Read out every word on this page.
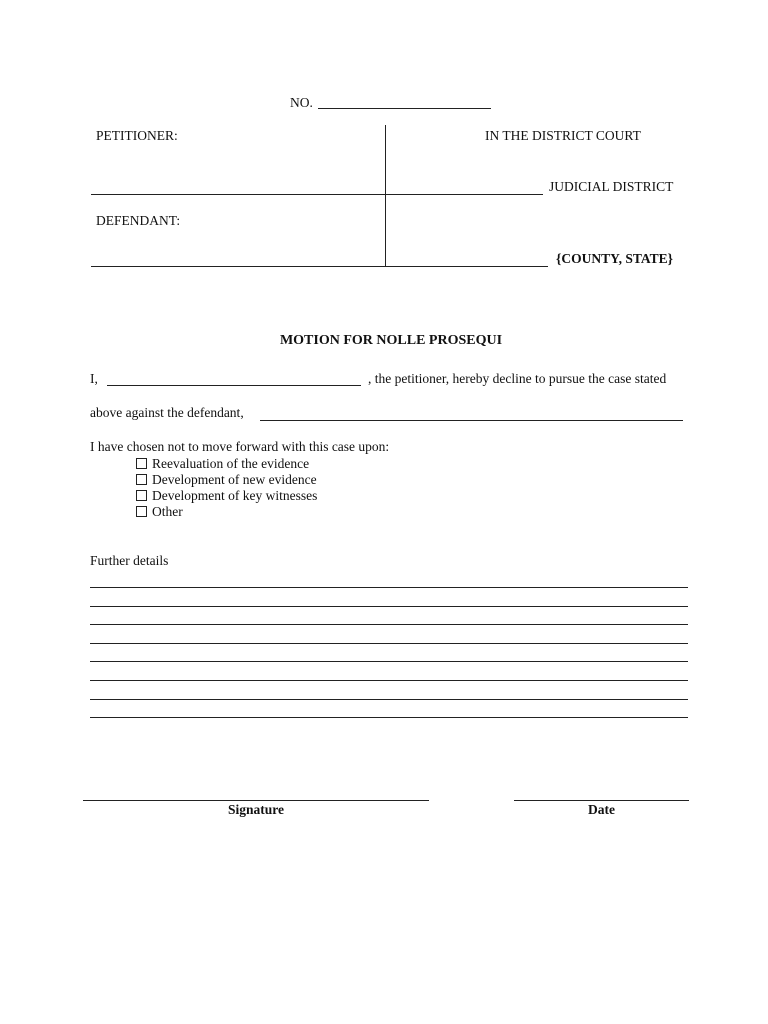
NO.
PETITIONER:	IN THE DISTRICT COURT
JUDICIAL DISTRICT
DEFENDANT:
{COUNTY, STATE}
MOTION FOR NOLLE PROSEQUI
I,	, the petitioner, hereby decline to pursue the case stated
above against the defendant,
I have chosen not to move forward with this case upon:
Reevaluation of the evidence
Development of new evidence
Development of key witnesses
Other
Further details
Signature	Date
